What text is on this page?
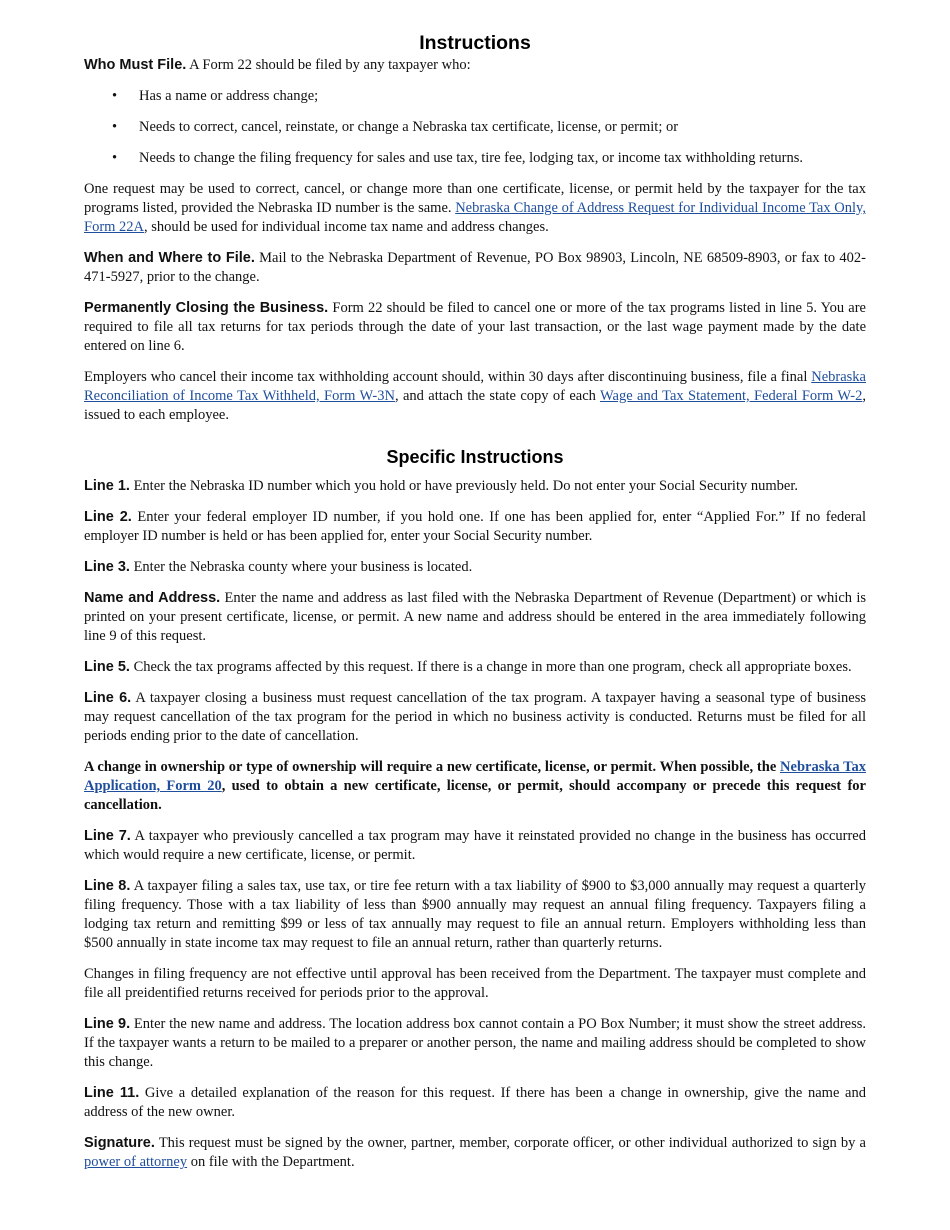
Instructions

Who Must File. A Form 22 should be filed by any taxpayer who:

• Has a name or address change;
• Needs to correct, cancel, reinstate, or change a Nebraska tax certificate, license, or permit; or
• Needs to change the filing frequency for sales and use tax, tire fee, lodging tax, or income tax withholding returns.

One request may be used to correct, cancel, or change more than one certificate, license, or permit held by the taxpayer for the tax programs listed, provided the Nebraska ID number is the same. Nebraska Change of Address Request for Individual Income Tax Only, Form 22A, should be used for individual income tax name and address changes.

When and Where to File. Mail to the Nebraska Department of Revenue, PO Box 98903, Lincoln, NE 68509-8903, or fax to 402-471-5927, prior to the change.

Permanently Closing the Business. Form 22 should be filed to cancel one or more of the tax programs listed in line 5. You are required to file all tax returns for tax periods through the date of your last transaction, or the last wage payment made by the date entered on line 6.

Employers who cancel their income tax withholding account should, within 30 days after discontinuing business, file a final Nebraska Reconciliation of Income Tax Withheld, Form W-3N, and attach the state copy of each Wage and Tax Statement, Federal Form W-2, issued to each employee.

Specific Instructions

Line 1. Enter the Nebraska ID number which you hold or have previously held. Do not enter your Social Security number.

Line 2. Enter your federal employer ID number, if you hold one. If one has been applied for, enter “Applied For.” If no federal employer ID number is held or has been applied for, enter your Social Security number.

Line 3. Enter the Nebraska county where your business is located.

Name and Address. Enter the name and address as last filed with the Nebraska Department of Revenue (Department) or which is printed on your present certificate, license, or permit. A new name and address should be entered in the area immediately following line 9 of this request.

Line 5. Check the tax programs affected by this request. If there is a change in more than one program, check all appropriate boxes.

Line 6. A taxpayer closing a business must request cancellation of the tax program. A taxpayer having a seasonal type of business may request cancellation of the tax program for the period in which no business activity is conducted. Returns must be filed for all periods ending prior to the date of cancellation.

A change in ownership or type of ownership will require a new certificate, license, or permit. When possible, the Nebraska Tax Application, Form 20, used to obtain a new certificate, license, or permit, should accompany or precede this request for cancellation.

Line 7. A taxpayer who previously cancelled a tax program may have it reinstated provided no change in the business has occurred which would require a new certificate, license, or permit.

Line 8. A taxpayer filing a sales tax, use tax, or tire fee return with a tax liability of $900 to $3,000 annually may request a quarterly filing frequency. Those with a tax liability of less than $900 annually may request an annual filing frequency. Taxpayers filing a lodging tax return and remitting $99 or less of tax annually may request to file an annual return. Employers withholding less than $500 annually in state income tax may request to file an annual return, rather than quarterly returns.

Changes in filing frequency are not effective until approval has been received from the Department. The taxpayer must complete and file all preidentified returns received for periods prior to the approval.

Line 9. Enter the new name and address. The location address box cannot contain a PO Box Number; it must show the street address. If the taxpayer wants a return to be mailed to a preparer or another person, the name and mailing address should be completed to show this change.

Line 11. Give a detailed explanation of the reason for this request. If there has been a change in ownership, give the name and address of the new owner.

Signature. This request must be signed by the owner, partner, member, corporate officer, or other individual authorized to sign by a power of attorney on file with the Department.
